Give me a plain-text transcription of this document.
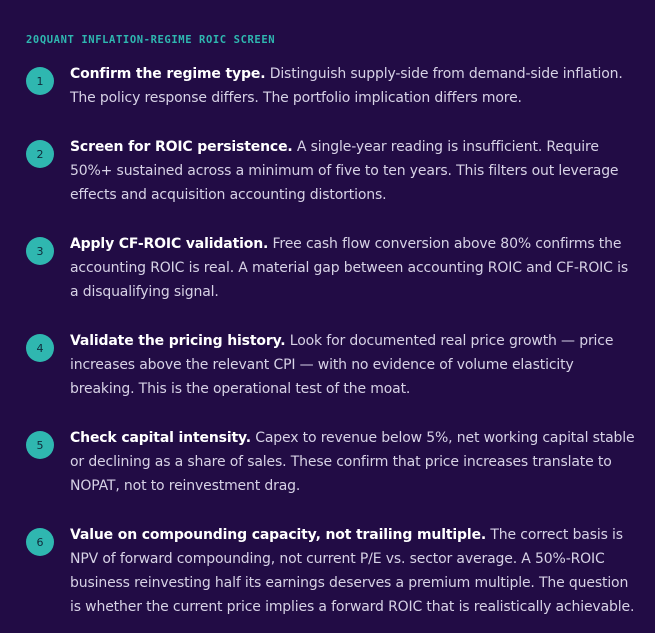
20QUANT INFLATION-REGIME ROIC SCREEN
1	Confirm the regime type. Distinguish supply-side from demand-side inflation. The policy response differs. The portfolio implication differs more.

2	Screen for ROIC persistence. A single-year reading is insufficient. Require 50%+ sustained across a minimum of five to ten years. This filters out leverage effects and acquisition accounting distortions.

3	Apply CF-ROIC validation. Free cash flow conversion above 80% confirms the accounting ROIC is real. A material gap between accounting ROIC and CF-ROIC is a disqualifying signal.

4	Validate the pricing history. Look for documented real price growth — price increases above the relevant CPI — with no evidence of volume elasticity breaking. This is the operational test of the moat.

5	Check capital intensity. Capex to revenue below 5%, net working capital stable or declining as a share of sales. These confirm that price increases translate to NOPAT, not to reinvestment drag.

6	Value on compounding capacity, not trailing multiple. The correct basis is NPV of forward compounding, not current P/E vs. sector average. A 50%-ROIC business reinvesting half its earnings deserves a premium multiple. The question is whether the current price implies a forward ROIC that is realistically achievable.
